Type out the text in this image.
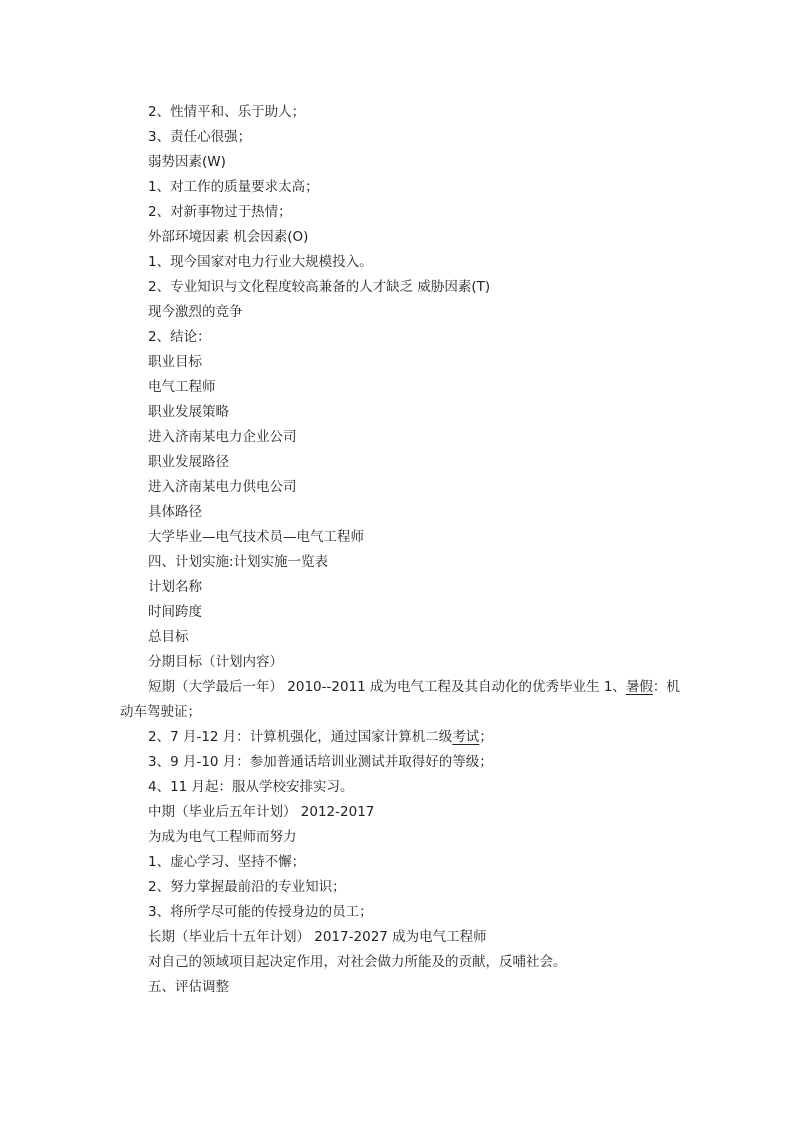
2、性情平和、乐于助人；
3、责任心很强；
弱势因素(W)
1、对工作的质量要求太高；
2、对新事物过于热情；
外部环境因素 机会因素(O)
1、现今国家对电力行业大规模投入。
2、专业知识与文化程度较高兼备的人才缺乏 威胁因素(T)
现今激烈的竞争
2、结论：
职业目标
电气工程师
职业发展策略
进入济南某电力企业公司
职业发展路径
进入济南某电力供电公司
具体路径
大学毕业—电气技术员—电气工程师
四、计划实施:计划实施一览表
计划名称
时间跨度
总目标
分期目标（计划内容）
短期（大学最后一年） 2010--2011 成为电气工程及其自动化的优秀毕业生 1、暑假：机动车驾驶证；
2、7 月-12 月：计算机强化，通过国家计算机二级考试；
3、9 月-10 月：参加普通话培训业测试并取得好的等级；
4、11 月起：服从学校安排实习。
中期（毕业后五年计划） 2012-2017
为成为电气工程师而努力
1、虚心学习、坚持不懈；
2、努力掌握最前沿的专业知识；
3、将所学尽可能的传授身边的员工；
长期（毕业后十五年计划） 2017-2027 成为电气工程师
对自己的领域项目起决定作用，对社会做力所能及的贡献，反哺社会。
五、评估调整
